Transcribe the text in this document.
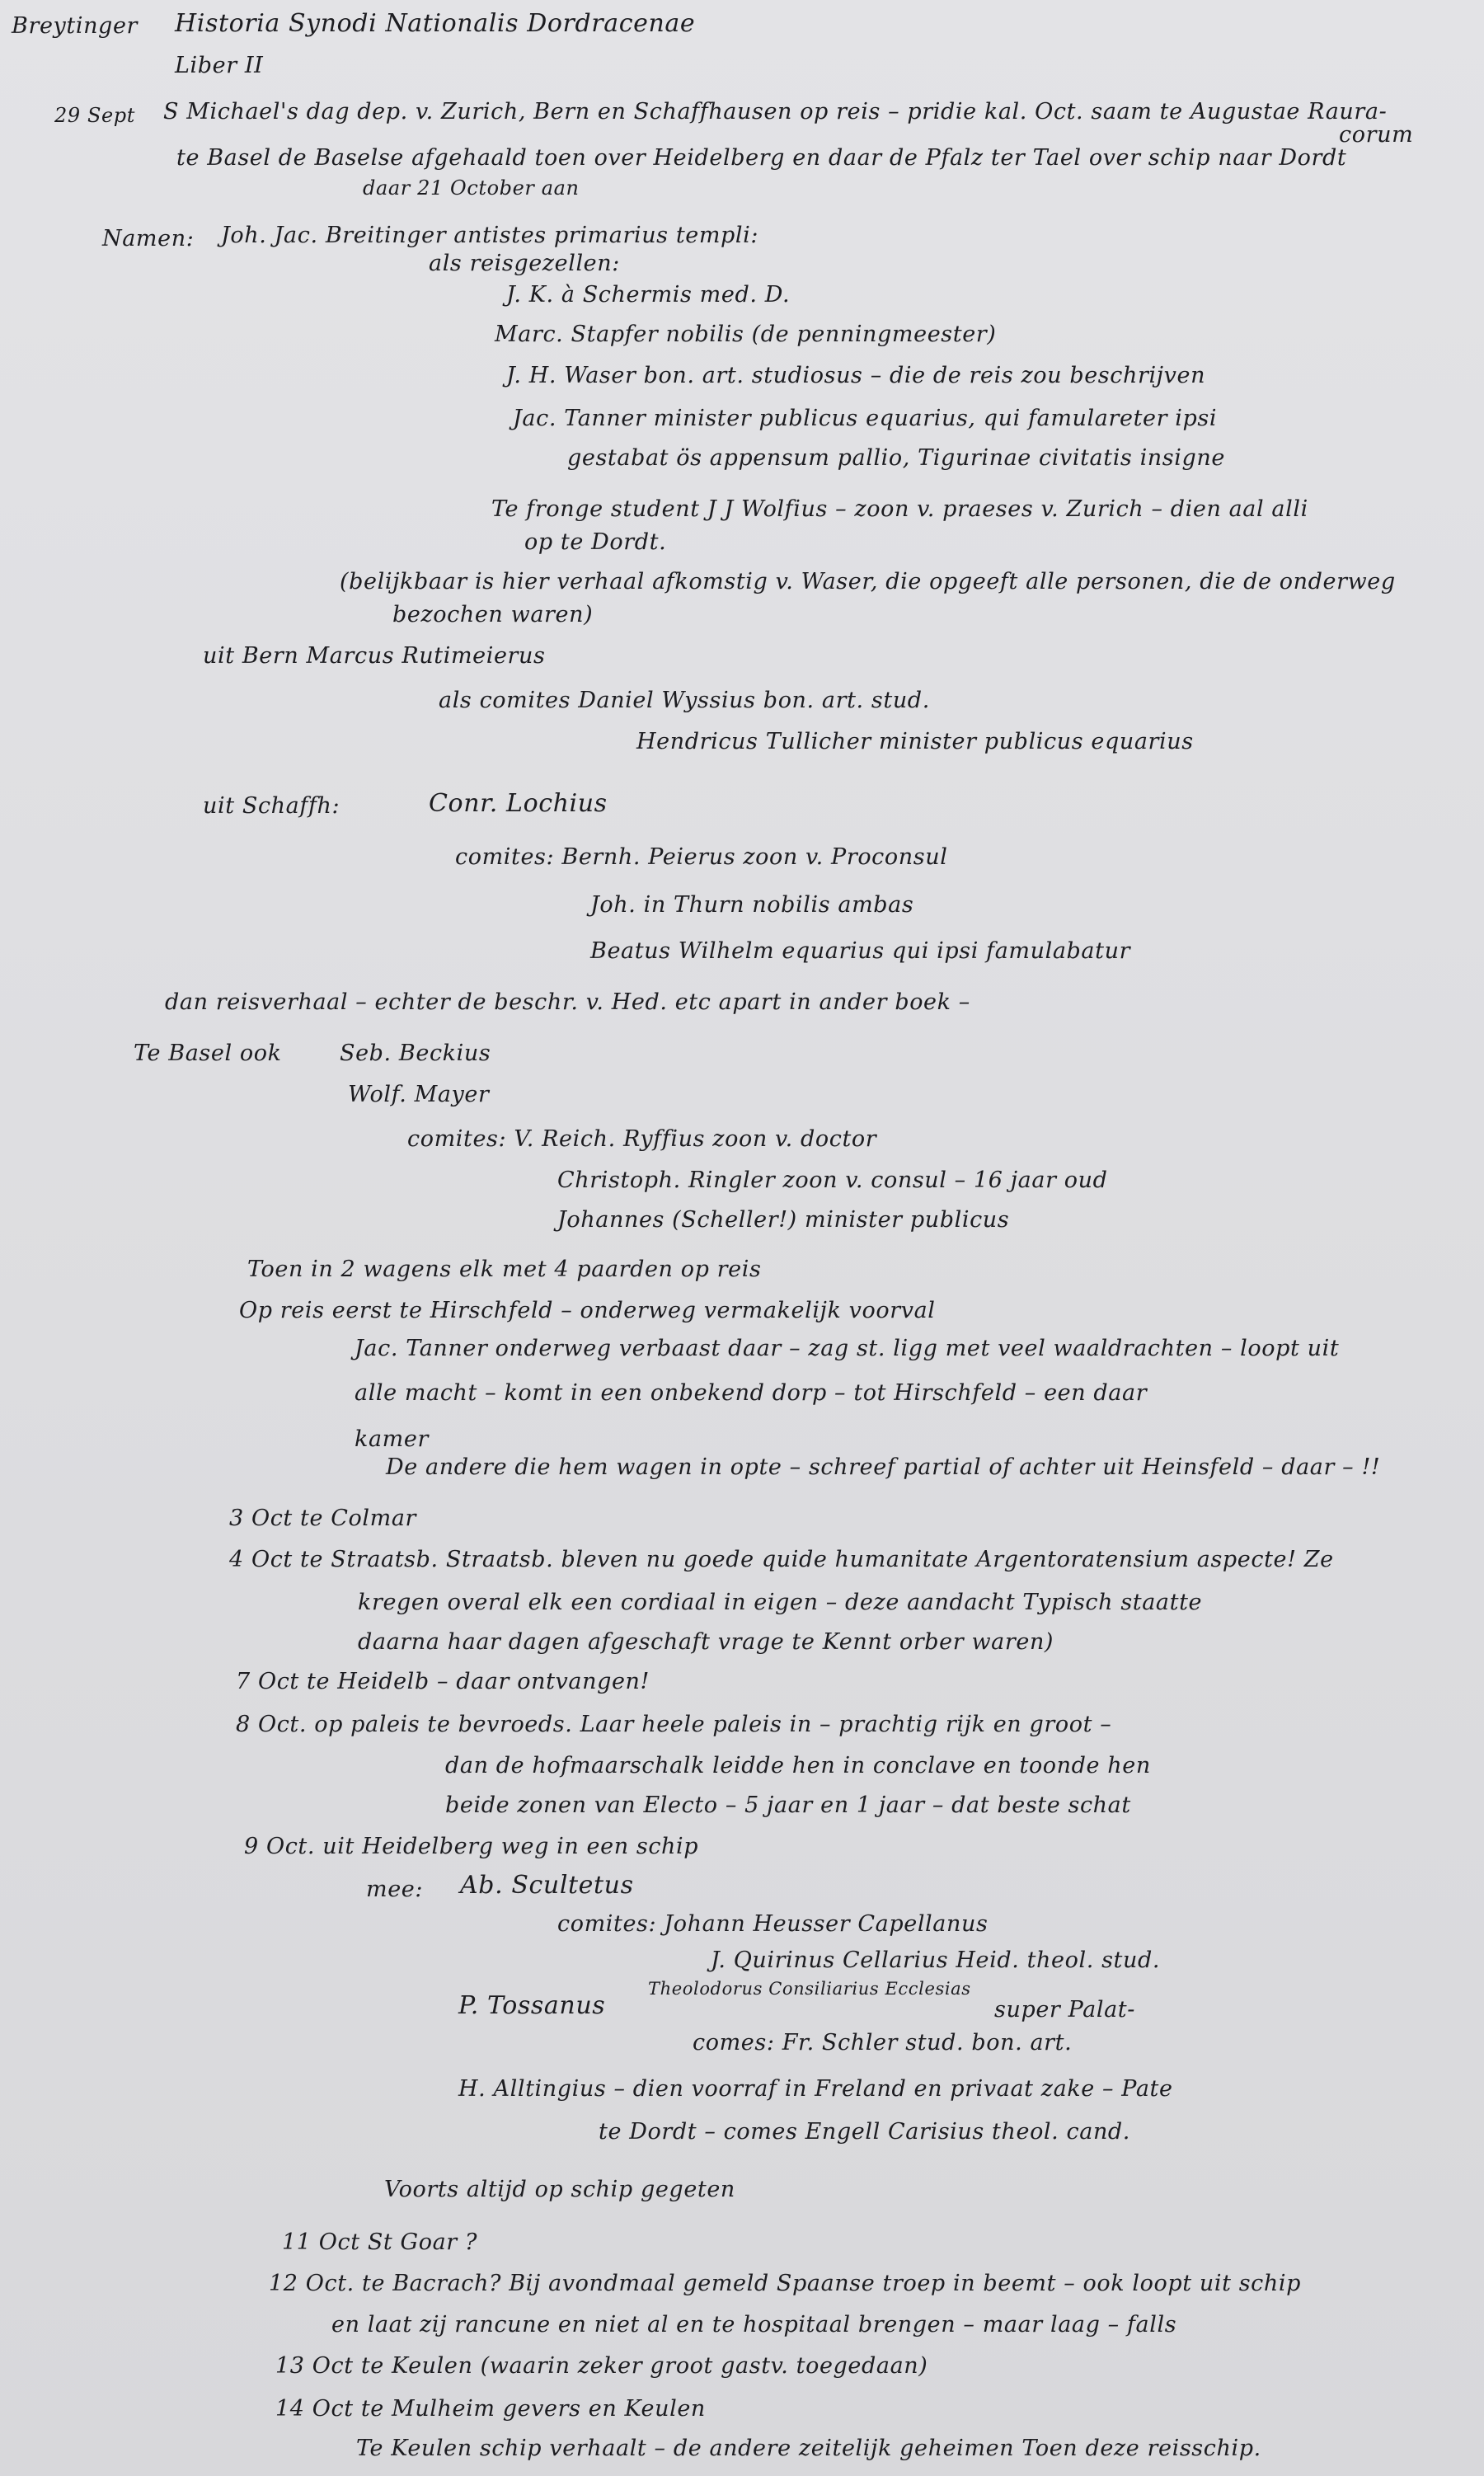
Breytinger Historia Synodi Nationalis Dordracenae
Liber II
29 Sept S Michael's dag dep. v. Zurich, Bern en Schaffhausen op reis – pridie kal. Oct. saam te Augustae Raura-
corum
te Basel de Baselse afgehaald toen over Heidelberg en daar de Pfalz ter Tael over schip naar Dordt
daar 21 October aan
Namen: Joh. Jac. Breitinger antistes primarius templi:
als reisgezellen:
J. K. à Schermis med. D.
Marc. Stapfer nobilis (de penningmeester)
J. H. Waser bon. art. studiosus – die de reis zou beschrijven
Jac. Tanner minister publicus equarius, qui famulareter ipsi
gestabat ös appensum pallio, Tigurinae civitatis insigne
Te fronge student J J Wolfius – zoon v. praeses v. Zurich – dien aal alli
op te Dordt.
(belijkbaar is hier verhaal afkomstig v. Waser, die opgeeft alle personen, die de onderweg
bezochen waren)
uit Bern Marcus Rutimeierus
als comites Daniel Wyssius bon. art. stud.
Hendricus Tullicher minister publicus equarius
uit Schaffh:	Conr. Lochius
comites: Bernh. Peierus zoon v. Proconsul
Joh. in Thurn nobilis ambas
Beatus Wilhelm equarius qui ipsi famulabatur
dan reisverhaal – echter de beschr. v. Hed. etc apart in ander boek –
Te Basel ook	Seb. Beckius
Wolf. Mayer
comites: V. Reich. Ryffius zoon v. doctor
Christoph. Ringler zoon v. consul – 16 jaar oud
Johannes (Scheller!) minister publicus
Toen in 2 wagens elk met 4 paarden op reis
Op reis eerst te Hirschfeld – onderweg vermakelijk voorval
Jac. Tanner onderweg verbaast daar – zag st. ligg met veel waaldrachten – loopt uit
alle macht – komt in een onbekend dorp – tot Hirschfeld – een daar
kamer
De andere die hem wagen in opte – schreef partial of achter uit Heinsfeld – daar – !!
3 Oct te Colmar
4 Oct te Straatsb. Straatsb. bleven nu goede quide humanitate Argentoratensium aspecte! Ze
kregen overal elk een cordiaal in eigen – deze aandacht Typisch staatte
daarna haar dagen afgeschaft vrage te Kennt orber waren)
7 Oct te Heidelb – daar ontvangen!
8 Oct. op paleis te bevroeds. Laar heele paleis in – prachtig rijk en groot –
dan de hofmaarschalk leidde hen in conclave en toonde hen
beide zonen van Electo – 5 jaar en 1 jaar – dat beste schat
9 Oct. uit Heidelberg weg in een schip
mee: Ab. Scultetus
comites: Johann Heusser Capellanus
J. Quirinus Cellarius Heid. theol. stud.
P. Tossanus
Theolodorus Consiliarius Ecclesias
super Palat-
comes: Fr. Schler stud. bon. art.
H. Alltingius – dien voorraf in Freland en privaat zake – Pate
te Dordt – comes Engell Carisius theol. cand.
Voorts altijd op schip gegeten
11 Oct St Goar ?
12 Oct. te Bacrach? Bij avondmaal gemeld Spaanse troep in beemt – ook loopt uit schip
en laat zij rancune en niet al en te hospitaal brengen – maar laag – falls
13 Oct te Keulen (waarin zeker groot gastv. toegedaan)
14 Oct te Mulheim gevers en Keulen
Te Keulen schip verhaalt – de andere zeitelijk geheimen Toen deze reisschip.
